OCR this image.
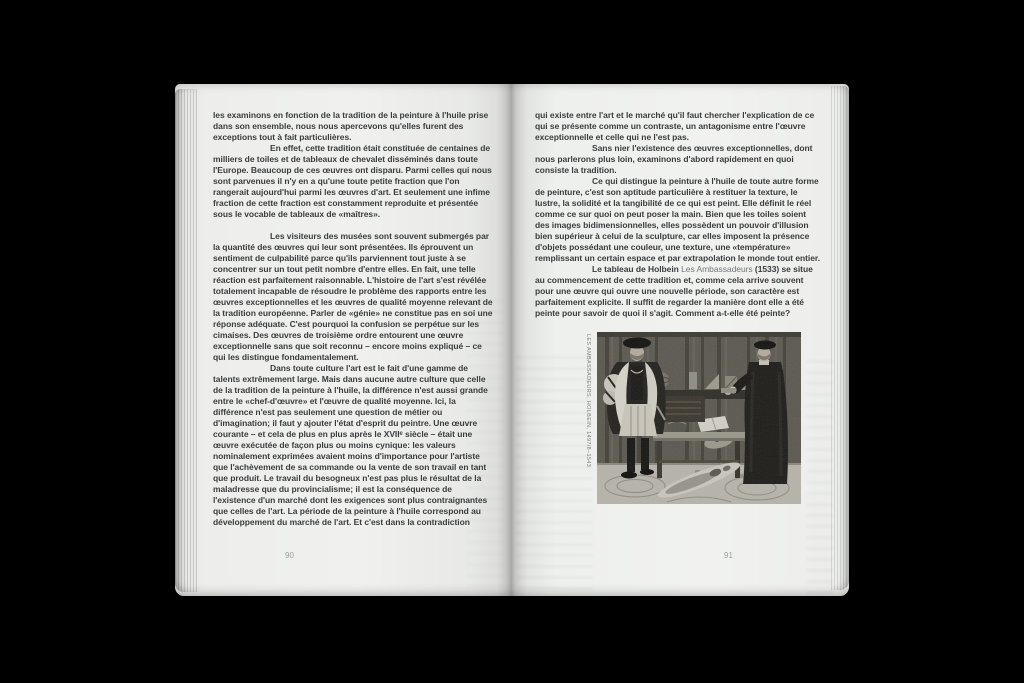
les examinons en fonction de la tradition de la peinture à l'huile prise dans son ensemble, nous nous apercevons qu'elles furent des exceptions tout à fait particulières.

En effet, cette tradition était constituée de centaines de milliers de toiles et de tableaux de chevalet disséminés dans toute l'Europe. Beaucoup de ces œuvres ont disparu. Parmi celles qui nous sont parvenues il n'y en a qu'une toute petite fraction que l'on rangerait aujourd'hui parmi les œuvres d'art. Et seulement une infime fraction de cette fraction est constamment reproduite et présentée sous le vocable de tableaux de «maîtres».

Les visiteurs des musées sont souvent submergés par la quantité des œuvres qui leur sont présentées. Ils éprouvent un sentiment de culpabilité parce qu'ils parviennent tout juste à se concentrer sur un tout petit nombre d'entre elles. En fait, une telle réaction est parfaitement raisonnable. L'histoire de l'art s'est révélée totalement incapable de résoudre le problème des rapports entre les œuvres exceptionnelles et les œuvres de qualité moyenne relevant de la tradition européenne. Parler de «génie» ne constitue pas en soi une réponse adéquate. C'est pourquoi la confusion se perpétue sur les cimaises. Des œuvres de troisième ordre entourent une œuvre exceptionnelle sans que soit reconnu – encore moins expliqué – ce qui les distingue fondamentalement.

Dans toute culture l'art est le fait d'une gamme de talents extrêmement large. Mais dans aucune autre culture que celle de la tradition de la peinture à l'huile, la différence n'est aussi grande entre le «chef-d'œuvre» et l'œuvre de qualité moyenne. Ici, la différence n'est pas seulement une question de métier ou d'imagination; il faut y ajouter l'état d'esprit du peintre. Une œuvre courante – et cela de plus en plus après le XVIIᵉ siècle – était une œuvre exécutée de façon plus ou moins cynique: les valeurs nominalement exprimées avaient moins d'importance pour l'artiste que l'achèvement de sa commande ou la vente de son travail en tant que produit. Le travail du besogneux n'est pas plus le résultat de la maladresse que du provincialisme; il est la conséquence de l'existence d'un marché dont les exigences sont plus contraignantes que celles de l'art. La période de la peinture à l'huile correspond au développement du marché de l'art. Et c'est dans la contradiction

90

qui existe entre l'art et le marché qu'il faut chercher l'explication de ce qui se présente comme un contraste, un antagonisme entre l'œuvre exceptionnelle et celle qui ne l'est pas.

Sans nier l'existence des œuvres exceptionnelles, dont nous parlerons plus loin, examinons d'abord rapidement en quoi consiste la tradition.

Ce qui distingue la peinture à l'huile de toute autre forme de peinture, c'est son aptitude particulière à restituer la texture, le lustre, la solidité et la tangibilité de ce qui est peint. Elle définit le réel comme ce sur quoi on peut poser la main. Bien que les toiles soient des images bidimensionnelles, elles possèdent un pouvoir d'illusion bien supérieur à celui de la sculpture, car elles imposent la présence d'objets possédant une couleur, une texture, une «température» remplissant un certain espace et par extrapolation le monde tout entier.

Le tableau de Holbein Les Ambassadeurs (1533) se situe au commencement de cette tradition et, comme cela arrive souvent pour une œuvre qui ouvre une nouvelle période, son caractère est parfaitement explicite. Il suffit de regarder la manière dont elle a été peinte pour savoir de quoi il s'agit. Comment a-t-elle été peinte?

LES AMBASSADEURS, HOLBEIN, 1497/8–1543
91
